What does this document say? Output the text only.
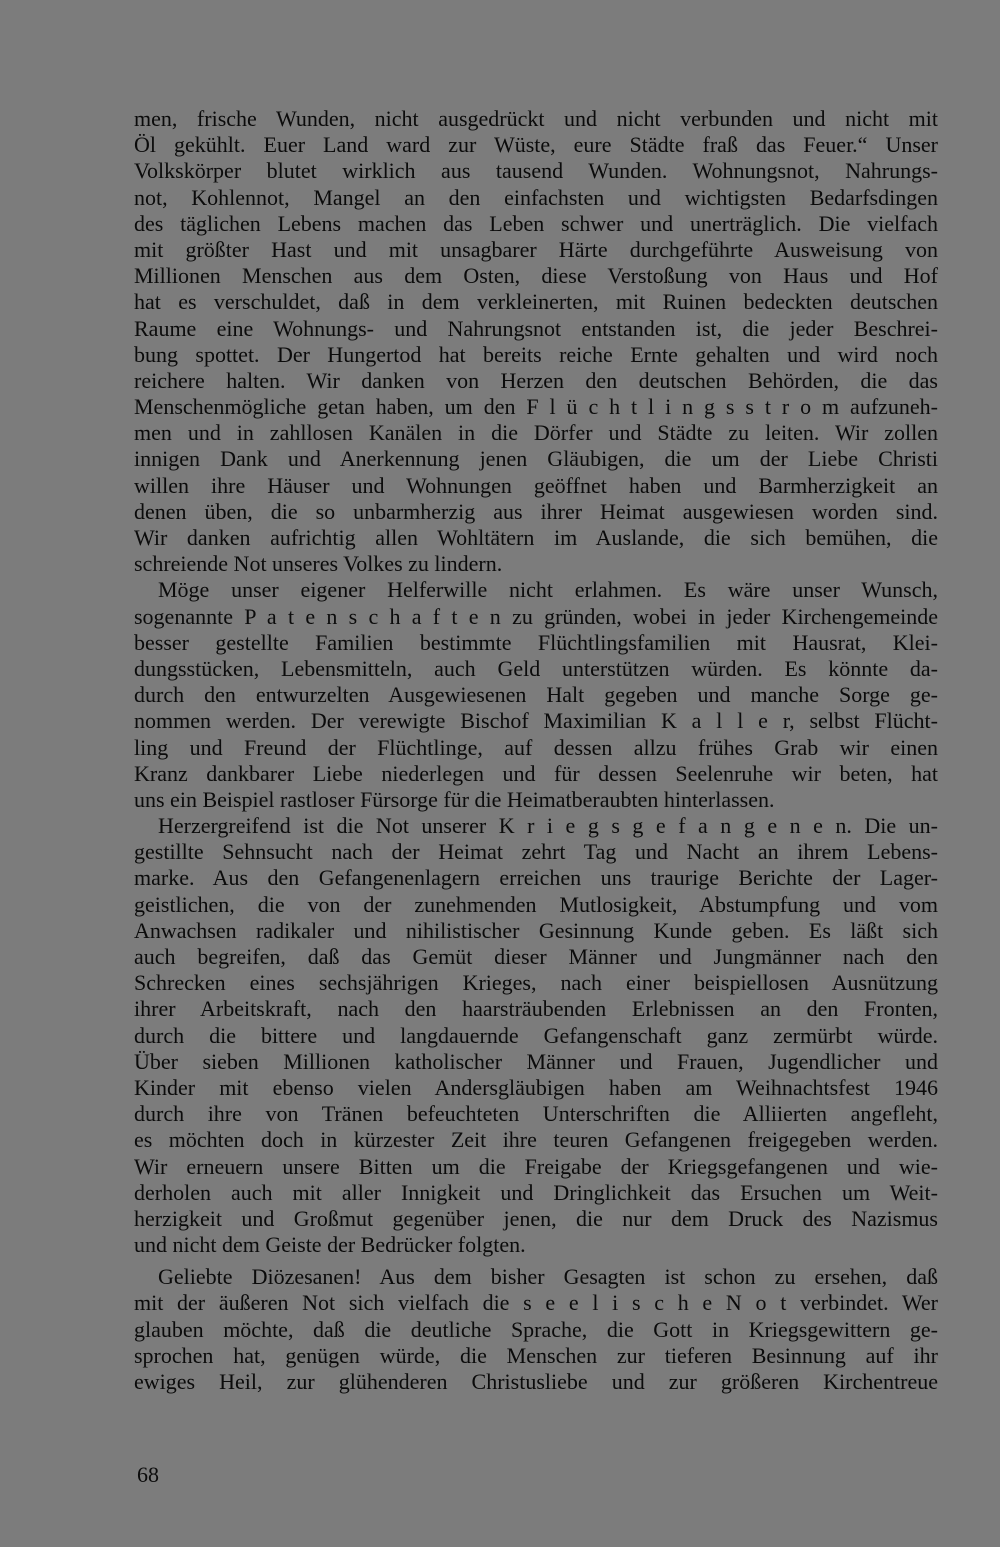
men, frische Wunden, nicht ausgedrückt und nicht verbunden und nicht mit
Öl gekühlt. Euer Land ward zur Wüste, eure Städte fraß das Feuer.“ Unser
Volkskörper blutet wirklich aus tausend Wunden. Wohnungsnot, Nahrungs-
not, Kohlennot, Mangel an den einfachsten und wichtigsten Bedarfsdingen
des täglichen Lebens machen das Leben schwer und unerträglich. Die vielfach
mit größter Hast und mit unsagbarer Härte durchgeführte Ausweisung von
Millionen Menschen aus dem Osten, diese Verstoßung von Haus und Hof
hat es verschuldet, daß in dem verkleinerten, mit Ruinen bedeckten deutschen
Raume eine Wohnungs- und Nahrungsnot entstanden ist, die jeder Beschrei-
bung spottet. Der Hungertod hat bereits reiche Ernte gehalten und wird noch
reichere halten. Wir danken von Herzen den deutschen Behörden, die das
Menschenmögliche getan haben, um den F l ü c h t l i n g s s t r o m aufzuneh-
men und in zahllosen Kanälen in die Dörfer und Städte zu leiten. Wir zollen
innigen Dank und Anerkennung jenen Gläubigen, die um der Liebe Christi
willen ihre Häuser und Wohnungen geöffnet haben und Barmherzigkeit an
denen üben, die so unbarmherzig aus ihrer Heimat ausgewiesen worden sind.
Wir danken aufrichtig allen Wohltätern im Auslande, die sich bemühen, die
schreiende Not unseres Volkes zu lindern.
Möge unser eigener Helferwille nicht erlahmen. Es wäre unser Wunsch,
sogenannte P a t e n s c h a f t e n zu gründen, wobei in jeder Kirchengemeinde
besser gestellte Familien bestimmte Flüchtlingsfamilien mit Hausrat, Klei-
dungsstücken, Lebensmitteln, auch Geld unterstützen würden. Es könnte da-
durch den entwurzelten Ausgewiesenen Halt gegeben und manche Sorge ge-
nommen werden. Der verewigte Bischof Maximilian K a l l e r, selbst Flücht-
ling und Freund der Flüchtlinge, auf dessen allzu frühes Grab wir einen
Kranz dankbarer Liebe niederlegen und für dessen Seelenruhe wir beten, hat
uns ein Beispiel rastloser Fürsorge für die Heimatberaubten hinterlassen.
Herzergreifend ist die Not unserer K r i e g s g e f a n g e n e n. Die un-
gestillte Sehnsucht nach der Heimat zehrt Tag und Nacht an ihrem Lebens-
marke. Aus den Gefangenenlagern erreichen uns traurige Berichte der Lager-
geistlichen, die von der zunehmenden Mutlosigkeit, Abstumpfung und vom
Anwachsen radikaler und nihilistischer Gesinnung Kunde geben. Es läßt sich
auch begreifen, daß das Gemüt dieser Männer und Jungmänner nach den
Schrecken eines sechsjährigen Krieges, nach einer beispiellosen Ausnützung
ihrer Arbeitskraft, nach den haarsträubenden Erlebnissen an den Fronten,
durch die bittere und langdauernde Gefangenschaft ganz zermürbt würde.
Über sieben Millionen katholischer Männer und Frauen, Jugendlicher und
Kinder mit ebenso vielen Andersgläubigen haben am Weihnachtsfest 1946
durch ihre von Tränen befeuchteten Unterschriften die Alliierten angefleht,
es möchten doch in kürzester Zeit ihre teuren Gefangenen freigegeben werden.
Wir erneuern unsere Bitten um die Freigabe der Kriegsgefangenen und wie-
derholen auch mit aller Innigkeit und Dringlichkeit das Ersuchen um Weit-
herzigkeit und Großmut gegenüber jenen, die nur dem Druck des Nazismus
und nicht dem Geiste der Bedrücker folgten.
Geliebte Diözesanen! Aus dem bisher Gesagten ist schon zu ersehen, daß
mit der äußeren Not sich vielfach die s e e l i s c h e N o t verbindet. Wer
glauben möchte, daß die deutliche Sprache, die Gott in Kriegsgewittern ge-
sprochen hat, genügen würde, die Menschen zur tieferen Besinnung auf ihr
ewiges Heil, zur glühenderen Christusliebe und zur größeren Kirchentreue
68
